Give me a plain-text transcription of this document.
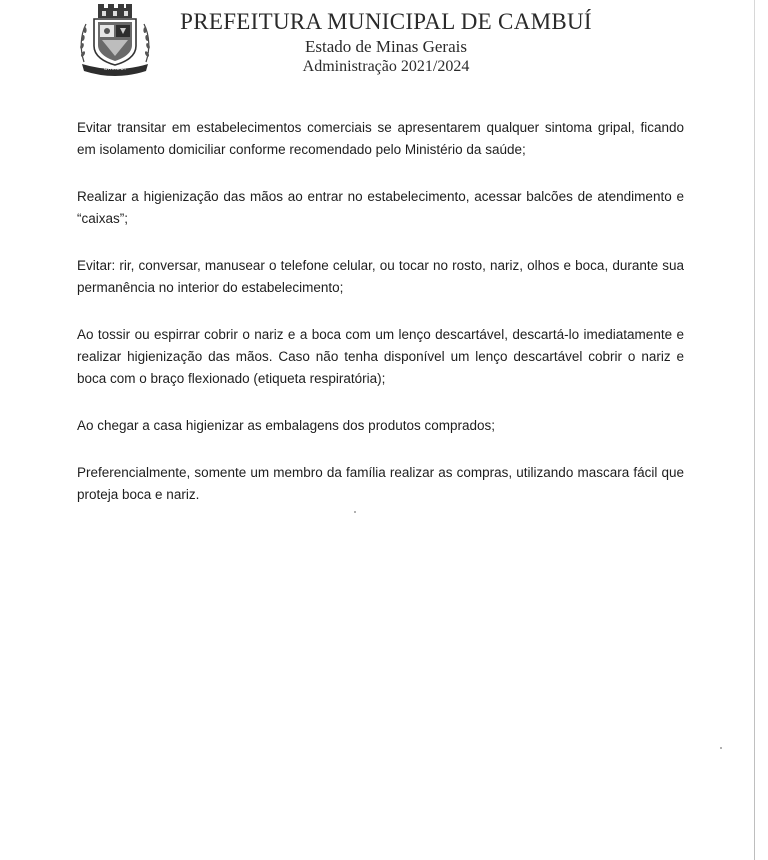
CAMBUÍ
PREFEITURA MUNICIPAL DE CAMBUÍ
Estado de Minas Gerais
Administração 2021/2024

Evitar transitar em estabelecimentos comerciais se apresentarem qualquer sintoma gripal, ficando em isolamento domiciliar conforme recomendado pelo Ministério da saúde;

Realizar a higienização das mãos ao entrar no estabelecimento, acessar balcões de atendimento e “caixas”;

Evitar: rir, conversar, manusear o telefone celular, ou tocar no rosto, nariz, olhos e boca, durante sua permanência no interior do estabelecimento;

Ao tossir ou espirrar cobrir o nariz e a boca com um lenço descartável, descartá-lo imediatamente e realizar higienização das mãos. Caso não tenha disponível um lenço descartável cobrir o nariz e boca com o braço flexionado (etiqueta respiratória);

Ao chegar a casa higienizar as embalagens dos produtos comprados;

Preferencialmente, somente um membro da família realizar as compras, utilizando mascara fácil que proteja boca e nariz.
